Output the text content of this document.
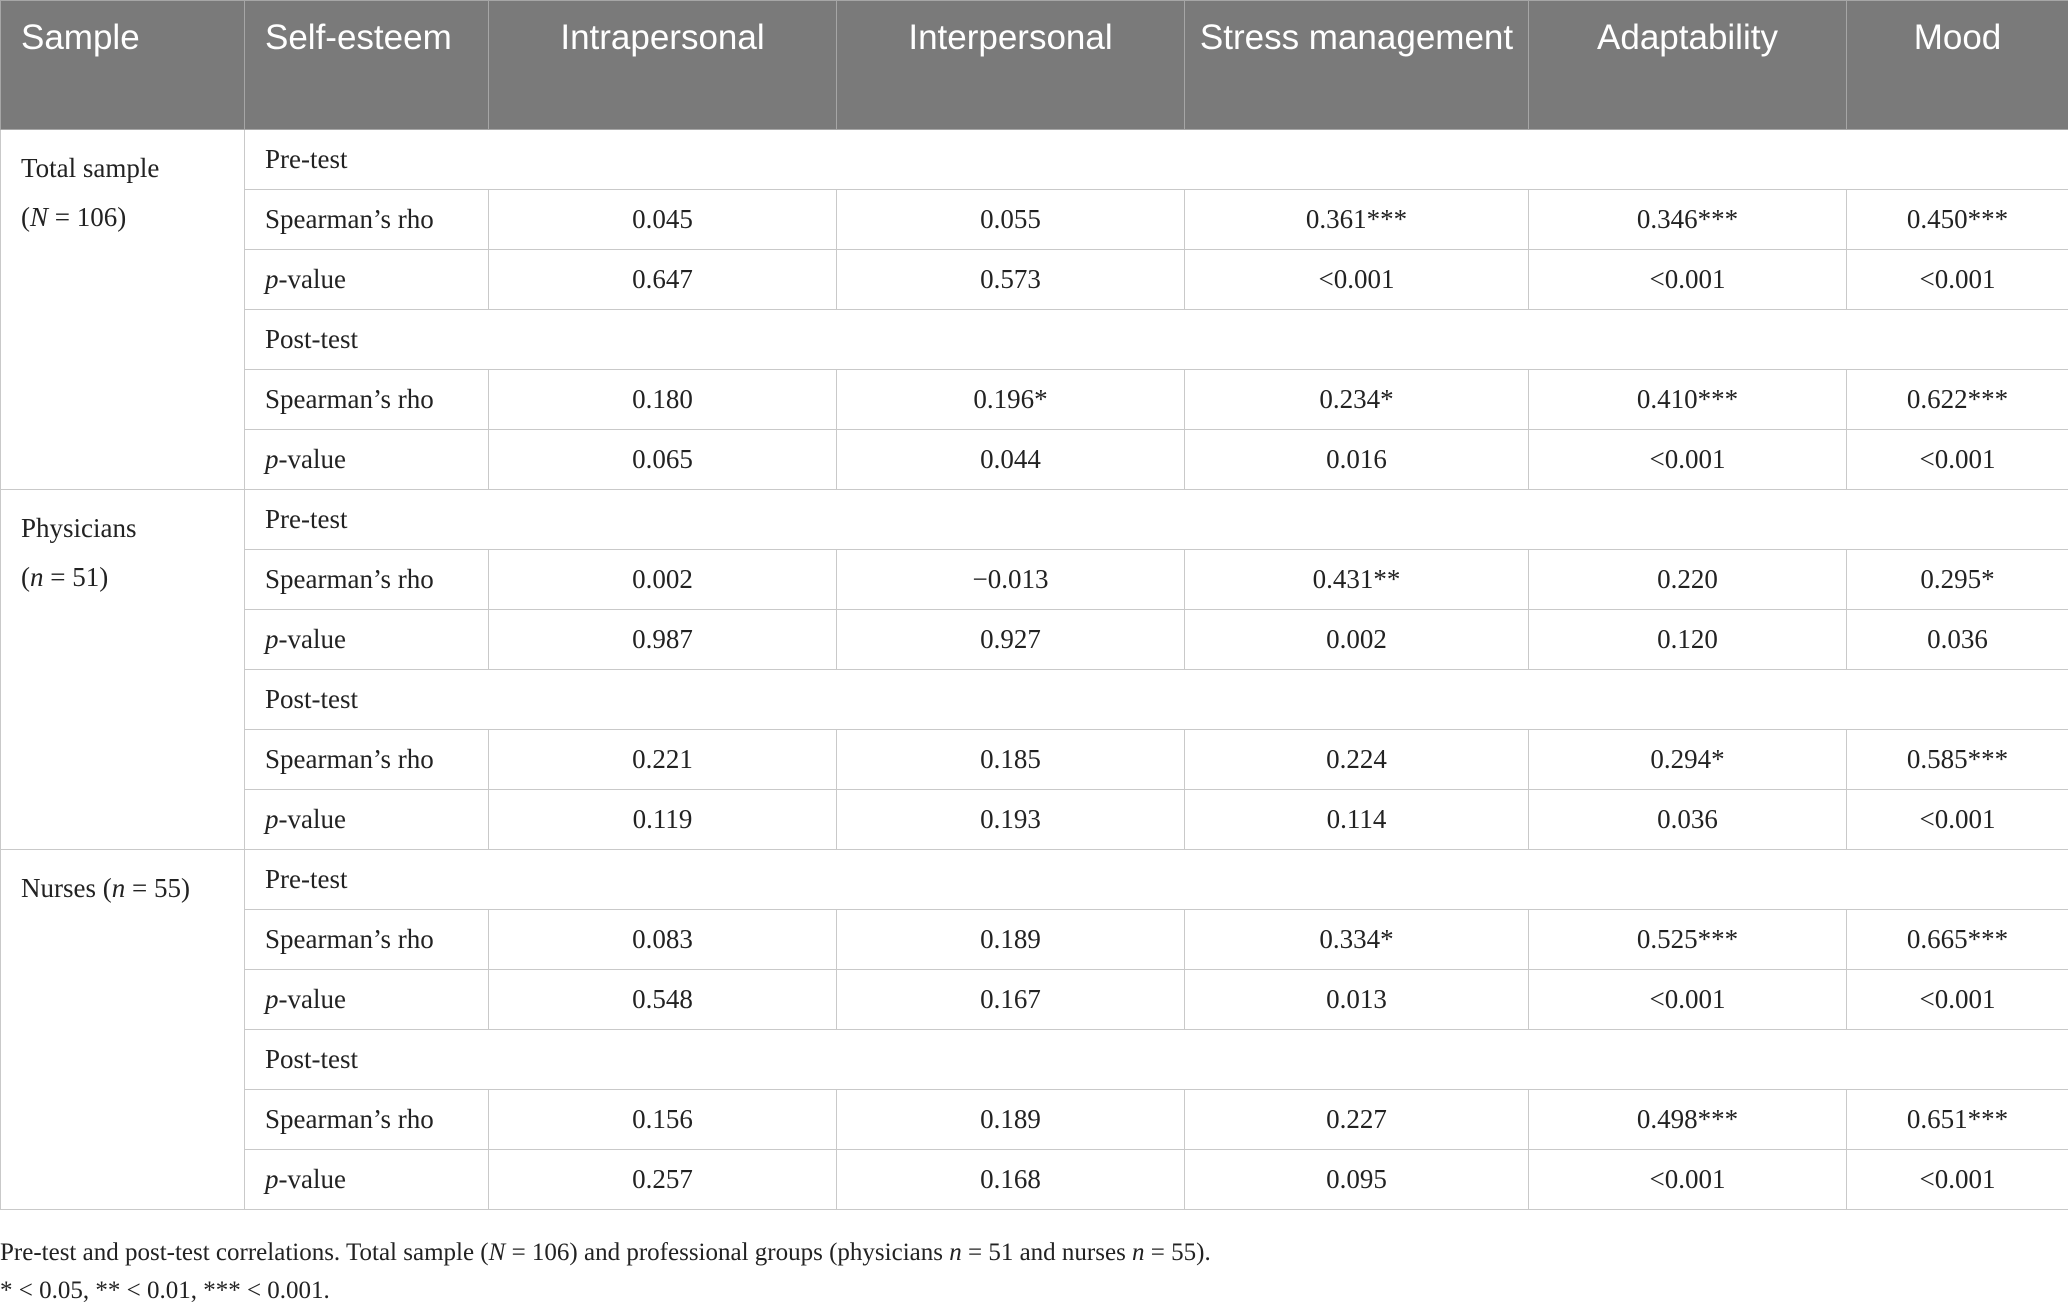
Sample	Self-esteem	Intrapersonal	Interpersonal	Stress management	Adaptability	Mood
Total sample
(N = 106)	Pre-test					
	Spearman’s rho	0.045	0.055	0.361***	0.346***	0.450***
	p-value	0.647	0.573	<0.001	<0.001	<0.001
	Post-test					
	Spearman’s rho	0.180	0.196*	0.234*	0.410***	0.622***
	p-value	0.065	0.044	0.016	<0.001	<0.001
Physicians
(n = 51)	Pre-test					
	Spearman’s rho	0.002	−0.013	0.431**	0.220	0.295*
	p-value	0.987	0.927	0.002	0.120	0.036
	Post-test					
	Spearman’s rho	0.221	0.185	0.224	0.294*	0.585***
	p-value	0.119	0.193	0.114	0.036	<0.001
Nurses (n = 55)	Pre-test					
	Spearman’s rho	0.083	0.189	0.334*	0.525***	0.665***
	p-value	0.548	0.167	0.013	<0.001	<0.001
	Post-test					
	Spearman’s rho	0.156	0.189	0.227	0.498***	0.651***
	p-value	0.257	0.168	0.095	<0.001	<0.001

Pre-test and post-test correlations. Total sample (N = 106) and professional groups (physicians n = 51 and nurses n = 55).

* < 0.05, ** < 0.01, *** < 0.001.
